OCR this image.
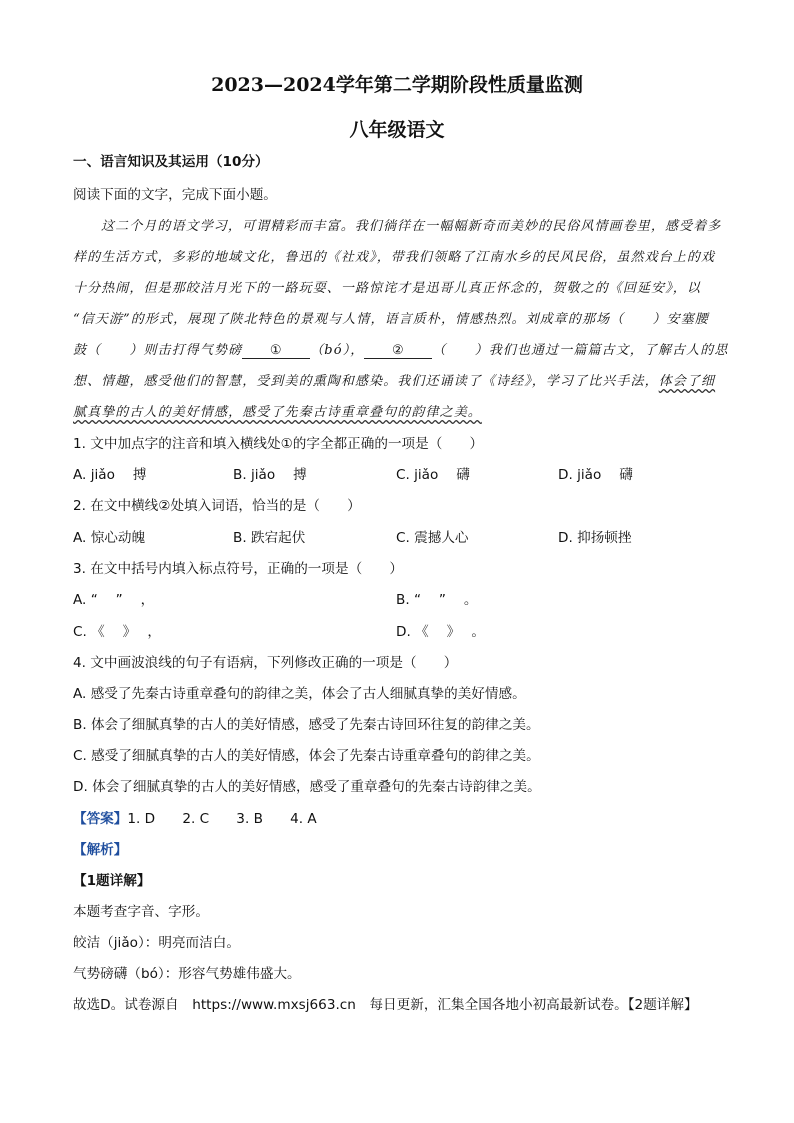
2023—2024学年第二学期阶段性质量监测
八年级语文
一、语言知识及其运用（10分）
阅读下面的文字，完成下面小题。
这二个月的语文学习，可谓精彩而丰富。我们徜徉在一幅幅新奇而美妙的民俗风情画卷里，感受着多
样的生活方式，多彩的地域文化，鲁迅的《社戏》，带我们领略了江南水乡的民风民俗，虽然戏台上的戏
十分热闹，但是那皎洁月光下的一路玩耍、一路惊诧才是迅哥儿真正怀念的，贺敬之的《回延安》，以
“信天游”的形式，展现了陕北特色的景观与人情，语言质朴，情感热烈。刘成章的那场（　　）安塞腰
鼓（　　）则击打得气势磅 ① （bó）， ② （　　）我们也通过一篇篇古文，了解古人的思
想、情趣，感受他们的智慧，受到美的熏陶和感染。我们还诵读了《诗经》，学习了比兴手法，体会了细
腻真挚的古人的美好情感，感受了先秦古诗重章叠句的韵律之美。
1. 文中加点字的注音和填入横线处①的字全都正确的一项是（　　）
A. jiǎo　 搏	B. jiǎo　 搏	C. jiǎo　 礴	D. jiǎo　 礴
2. 在文中横线②处填入词语，恰当的是（　　）
A. 惊心动魄	B. 跌宕起伏	C. 震撼人心	D. 抑扬顿挫
3. 在文中括号内填入标点符号，正确的一项是（　　）
A. “　 ”　 ，	B. “　 ”　 。
C. 《　 》　 ，	D. 《　 》　 。
4. 文中画波浪线的句子有语病，下列修改正确的一项是（　　）
A. 感受了先秦古诗重章叠句的韵律之美，体会了古人细腻真挚的美好情感。
B. 体会了细腻真挚的古人的美好情感，感受了先秦古诗回环往复的韵律之美。
C. 感受了细腻真挚的古人的美好情感，体会了先秦古诗重章叠句的韵律之美。
D. 体会了细腻真挚的古人的美好情感，感受了重章叠句的先秦古诗韵律之美。
【答案】1. D　　2. C　　3. B　　4. A
【解析】
【1题详解】
本题考查字音、字形。
皎洁（jiǎo）：明亮而洁白。
气势磅礴（bó）：形容气势雄伟盛大。
故选D。试卷源自　https://www.mxsj663.cn　每日更新，汇集全国各地小初高最新试卷。【2题详解】
